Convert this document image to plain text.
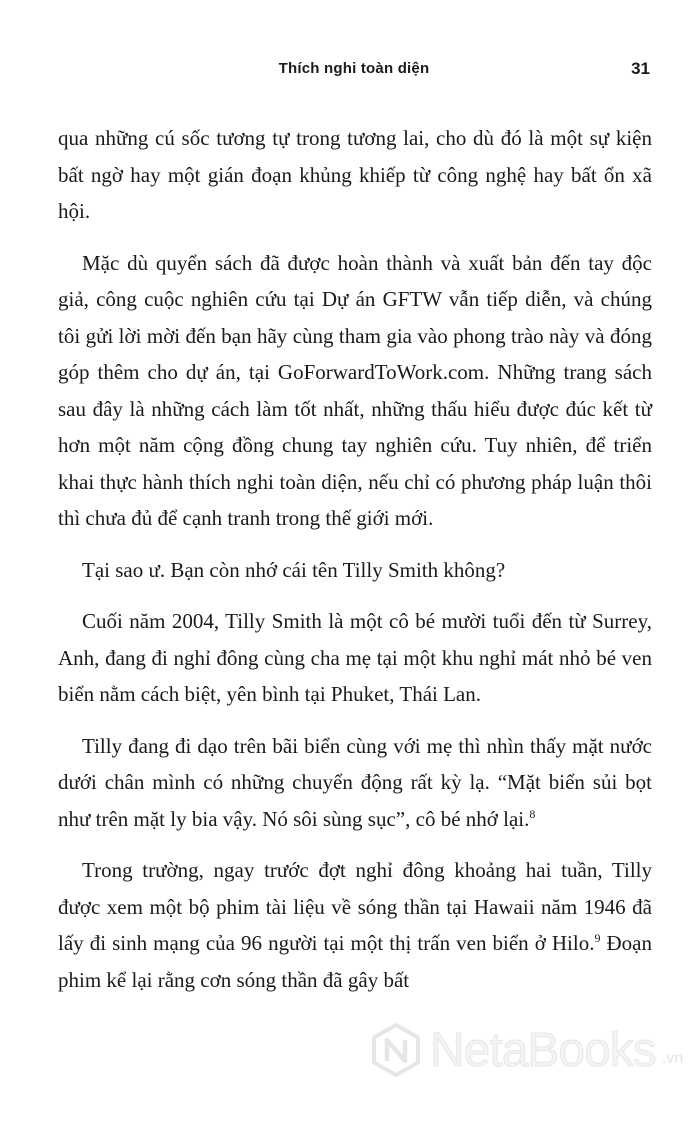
Thích nghi toàn diện	31

qua những cú sốc tương tự trong tương lai, cho dù đó là một sự kiện bất ngờ hay một gián đoạn khủng khiếp từ công nghệ hay bất ổn xã hội.

Mặc dù quyển sách đã được hoàn thành và xuất bản đến tay độc giả, công cuộc nghiên cứu tại Dự án GFTW vẫn tiếp diễn, và chúng tôi gửi lời mời đến bạn hãy cùng tham gia vào phong trào này và đóng góp thêm cho dự án, tại GoForwardToWork.com. Những trang sách sau đây là những cách làm tốt nhất, những thấu hiểu được đúc kết từ hơn một năm cộng đồng chung tay nghiên cứu. Tuy nhiên, để triển khai thực hành thích nghi toàn diện, nếu chỉ có phương pháp luận thôi thì chưa đủ để cạnh tranh trong thế giới mới.

Tại sao ư. Bạn còn nhớ cái tên Tilly Smith không?

Cuối năm 2004, Tilly Smith là một cô bé mười tuổi đến từ Surrey, Anh, đang đi nghỉ đông cùng cha mẹ tại một khu nghỉ mát nhỏ bé ven biển nằm cách biệt, yên bình tại Phuket, Thái Lan.

Tilly đang đi dạo trên bãi biển cùng với mẹ thì nhìn thấy mặt nước dưới chân mình có những chuyển động rất kỳ lạ. “Mặt biển sủi bọt như trên mặt ly bia vậy. Nó sôi sùng sục”, cô bé nhớ lại.$^8$

Trong trường, ngay trước đợt nghỉ đông khoảng hai tuần, Tilly được xem một bộ phim tài liệu về sóng thần tại Hawaii năm 1946 đã lấy đi sinh mạng của 96 người tại một thị trấn ven biển ở Hilo.$^9$ Đoạn phim kể lại rằng cơn sóng thần đã gây bất

NetaBooks .vn
